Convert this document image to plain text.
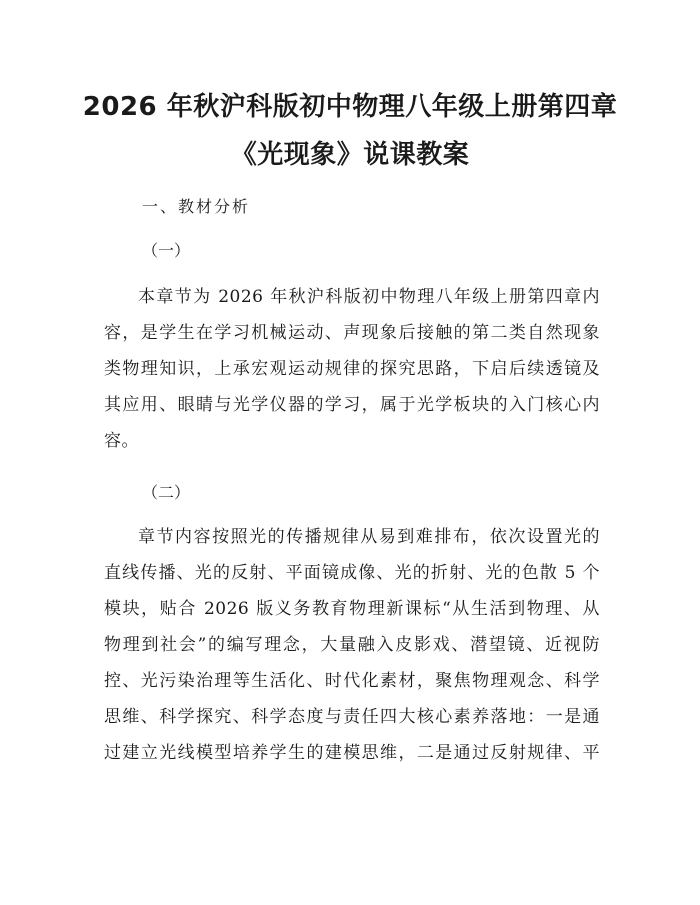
2026 年秋沪科版初中物理八年级上册第四章
《光现象》说课教案
一、教材分析
（一）
本章节为 2026 年秋沪科版初中物理八年级上册第四章内
容，是学生在学习机械运动、声现象后接触的第二类自然现象
类物理知识，上承宏观运动规律的探究思路，下启后续透镜及
其应用、眼睛与光学仪器的学习，属于光学板块的入门核心内
容。
（二）
章节内容按照光的传播规律从易到难排布，依次设置光的
直线传播、光的反射、平面镜成像、光的折射、光的色散 5 个
模块，贴合 2026 版义务教育物理新课标“从生活到物理、从
物理到社会”的编写理念，大量融入皮影戏、潜望镜、近视防
控、光污染治理等生活化、时代化素材，聚焦物理观念、科学
思维、科学探究、科学态度与责任四大核心素养落地：一是通
过建立光线模型培养学生的建模思维，二是通过反射规律、平
